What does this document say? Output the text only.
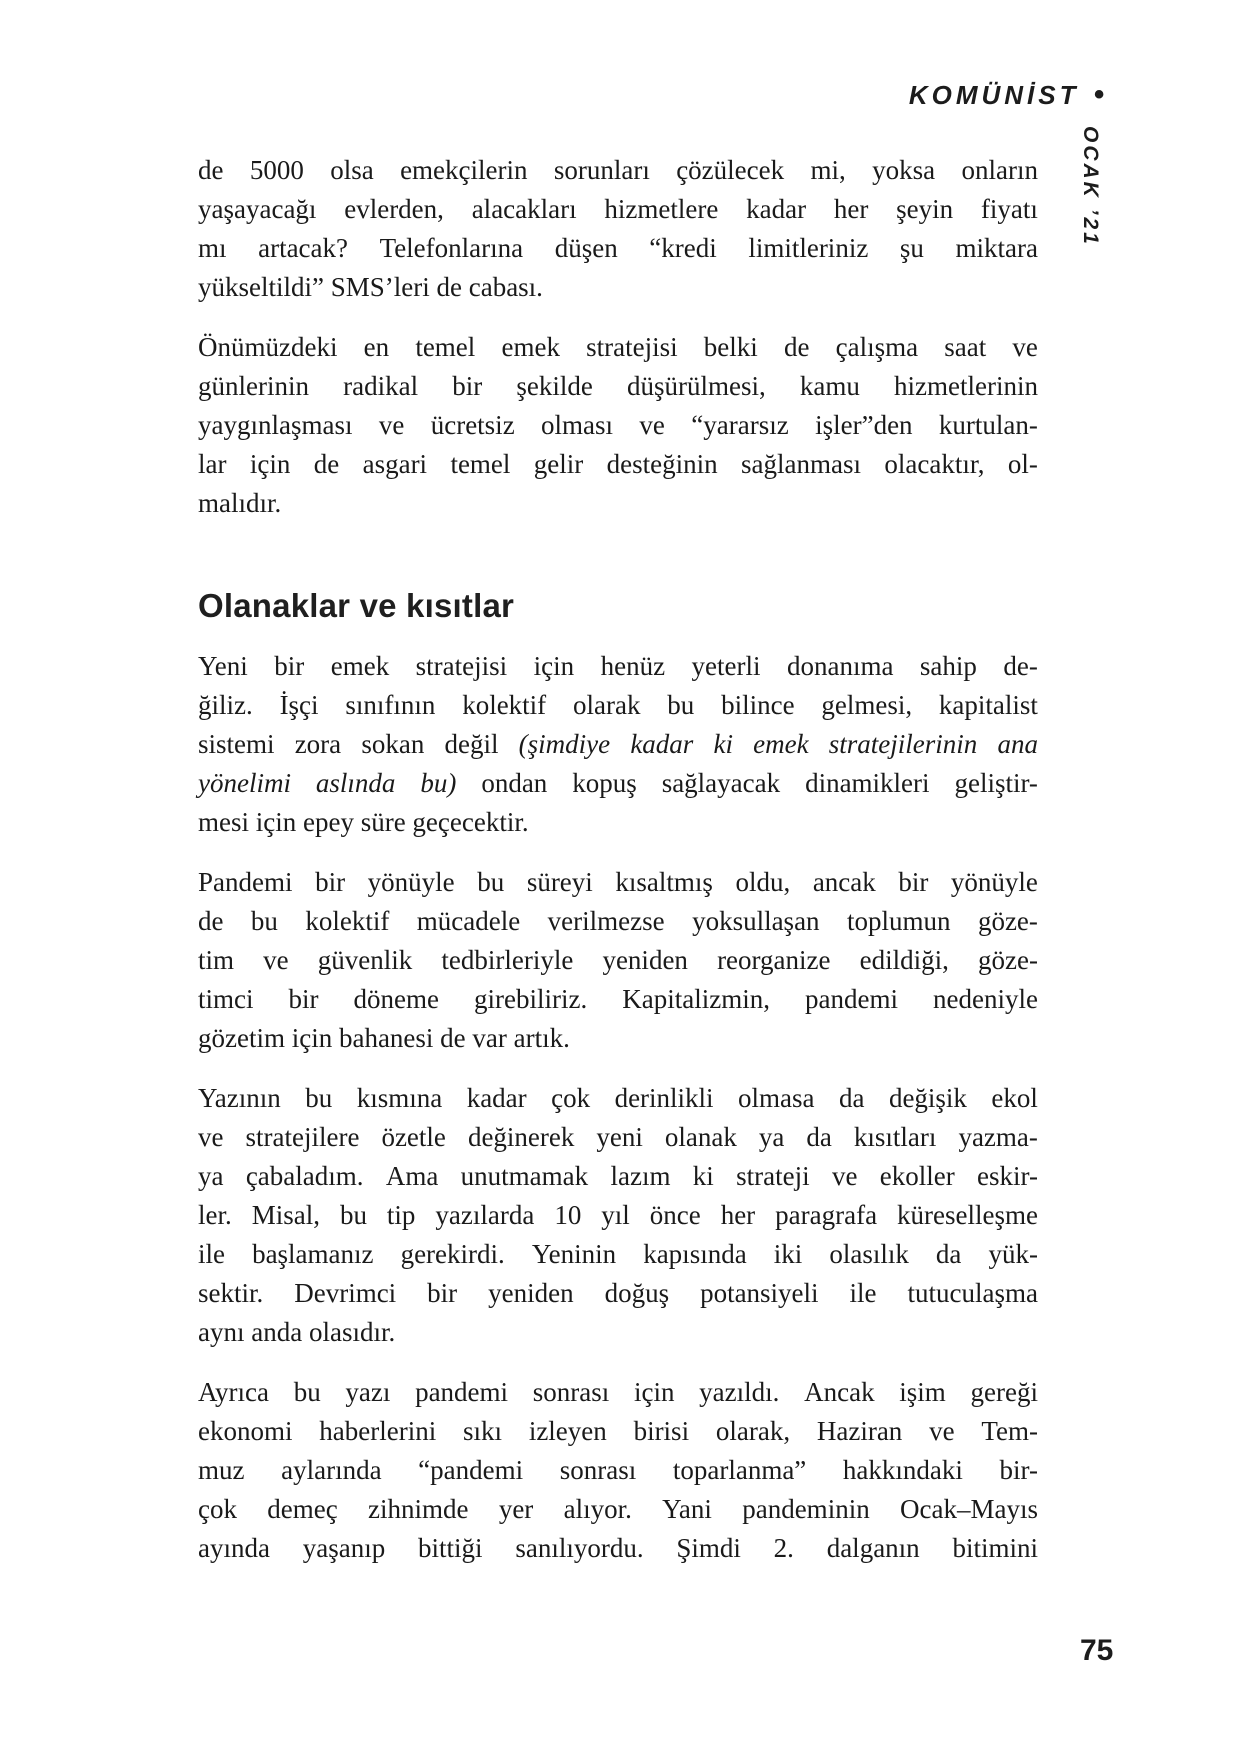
KOMÜNİST •
OCAK ’21
de 5000 olsa emekçilerin sorunları çözülecek mi, yoksa onların
yaşayacağı evlerden, alacakları hizmetlere kadar her şeyin fiyatı
mı artacak? Telefonlarına düşen “kredi limitleriniz şu miktara
yükseltildi” SMS’leri de cabası.
Önümüzdeki en temel emek stratejisi belki de çalışma saat ve
günlerinin radikal bir şekilde düşürülmesi, kamu hizmetlerinin
yaygınlaşması ve ücretsiz olması ve “yararsız işler”den kurtulan-
lar için de asgari temel gelir desteğinin sağlanması olacaktır, ol-
malıdır.
Olanaklar ve kısıtlar
Yeni bir emek stratejisi için henüz yeterli donanıma sahip de-
ğiliz. İşçi sınıfının kolektif olarak bu bilince gelmesi, kapitalist
sistemi zora sokan değil (şimdiye kadar ki emek stratejilerinin ana
yönelimi aslında bu) ondan kopuş sağlayacak dinamikleri geliştir-
mesi için epey süre geçecektir.
Pandemi bir yönüyle bu süreyi kısaltmış oldu, ancak bir yönüyle
de bu kolektif mücadele verilmezse yoksullaşan toplumun göze-
tim ve güvenlik tedbirleriyle yeniden reorganize edildiği, göze-
timci bir döneme girebiliriz. Kapitalizmin, pandemi nedeniyle
gözetim için bahanesi de var artık.
Yazının bu kısmına kadar çok derinlikli olmasa da değişik ekol
ve stratejilere özetle değinerek yeni olanak ya da kısıtları yazma-
ya çabaladım. Ama unutmamak lazım ki strateji ve ekoller eskir-
ler. Misal, bu tip yazılarda 10 yıl önce her paragrafa küreselleşme
ile başlamanız gerekirdi. Yeninin kapısında iki olasılık da yük-
sektir. Devrimci bir yeniden doğuş potansiyeli ile tutuculaşma
aynı anda olasıdır.
Ayrıca bu yazı pandemi sonrası için yazıldı. Ancak işim gereği
ekonomi haberlerini sıkı izleyen birisi olarak, Haziran ve Tem-
muz aylarında “pandemi sonrası toparlanma” hakkındaki bir-
çok demeç zihnimde yer alıyor. Yani pandeminin Ocak–Mayıs
ayında yaşanıp bittiği sanılıyordu. Şimdi 2. dalganın bitimini
75
